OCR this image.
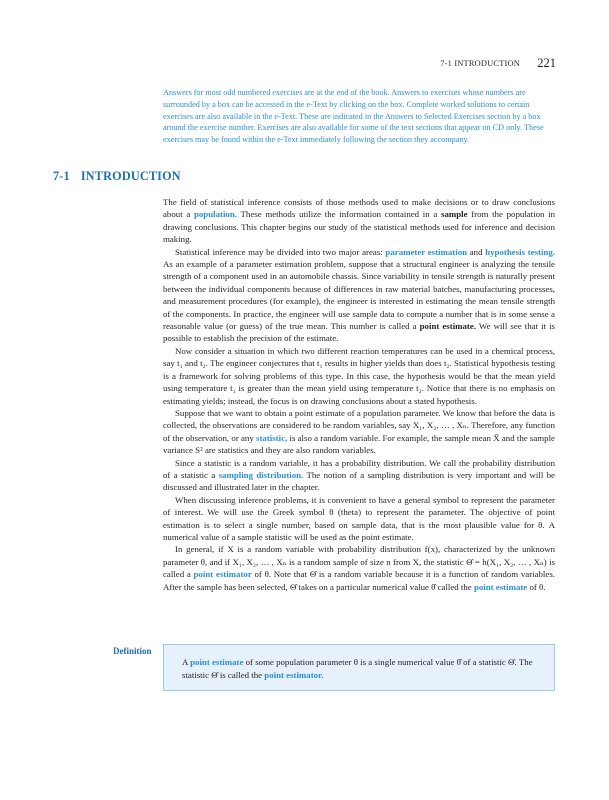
7-1 INTRODUCTION 221
Answers for most odd numbered exercises are at the end of the book. Answers to exercises whose numbers are surrounded by a box can be accessed in the e-Text by clicking on the box. Complete worked solutions to certain exercises are also available in the e-Text. These are indicated in the Answers to Selected Exercises section by a box around the exercise number. Exercises are also available for some of the text sections that appear on CD only. These exercises may be found within the e-Text immediately following the section they accompany.
7-1 INTRODUCTION

The field of statistical inference consists of those methods used to make decisions or to draw conclusions about a population. These methods utilize the information contained in a sample from the population in drawing conclusions. This chapter begins our study of the statistical methods used for inference and decision making.

Statistical inference may be divided into two major areas: parameter estimation and hypothesis testing. As an example of a parameter estimation problem, suppose that a structural engineer is analyzing the tensile strength of a component used in an automobile chassis. Since variability in tensile strength is naturally present between the individual components because of differences in raw material batches, manufacturing processes, and measurement procedures (for example), the engineer is interested in estimating the mean tensile strength of the components. In practice, the engineer will use sample data to compute a number that is in some sense a reasonable value (or guess) of the true mean. This number is called a point estimate. We will see that it is possible to establish the precision of the estimate.

Now consider a situation in which two different reaction temperatures can be used in a chemical process, say t₁ and t₂. The engineer conjectures that t₁ results in higher yields than does t₂. Statistical hypothesis testing is a framework for solving problems of this type. In this case, the hypothesis would be that the mean yield using temperature t₁ is greater than the mean yield using temperature t₂. Notice that there is no emphasis on estimating yields; instead, the focus is on drawing conclusions about a stated hypothesis.

Suppose that we want to obtain a point estimate of a population parameter. We know that before the data is collected, the observations are considered to be random variables, say X₁, X₂, … , Xₙ. Therefore, any function of the observation, or any statistic, is also a random variable. For example, the sample mean X̄ and the sample variance S² are statistics and they are also random variables.

Since a statistic is a random variable, it has a probability distribution. We call the probability distribution of a statistic a sampling distribution. The notion of a sampling distribution is very important and will be discussed and illustrated later in the chapter.

When discussing inference problems, it is convenient to have a general symbol to represent the parameter of interest. We will use the Greek symbol θ (theta) to represent the parameter. The objective of point estimation is to select a single number, based on sample data, that is the most plausible value for θ. A numerical value of a sample statistic will be used as the point estimate.

In general, if X is a random variable with probability distribution f(x), characterized by the unknown parameter θ, and if X₁, X₂, … , Xₙ is a random sample of size n from X, the statistic Θ̂ = h(X₁, X₂, … , Xₙ) is called a point estimator of θ. Note that Θ̂ is a random variable because it is a function of random variables. After the sample has been selected, Θ̂ takes on a particular numerical value θ̂ called the point estimate of θ.

Definition
A point estimate of some population parameter θ is a single numerical value θ̂ of a statistic Θ̂. The statistic Θ̂ is called the point estimator.
